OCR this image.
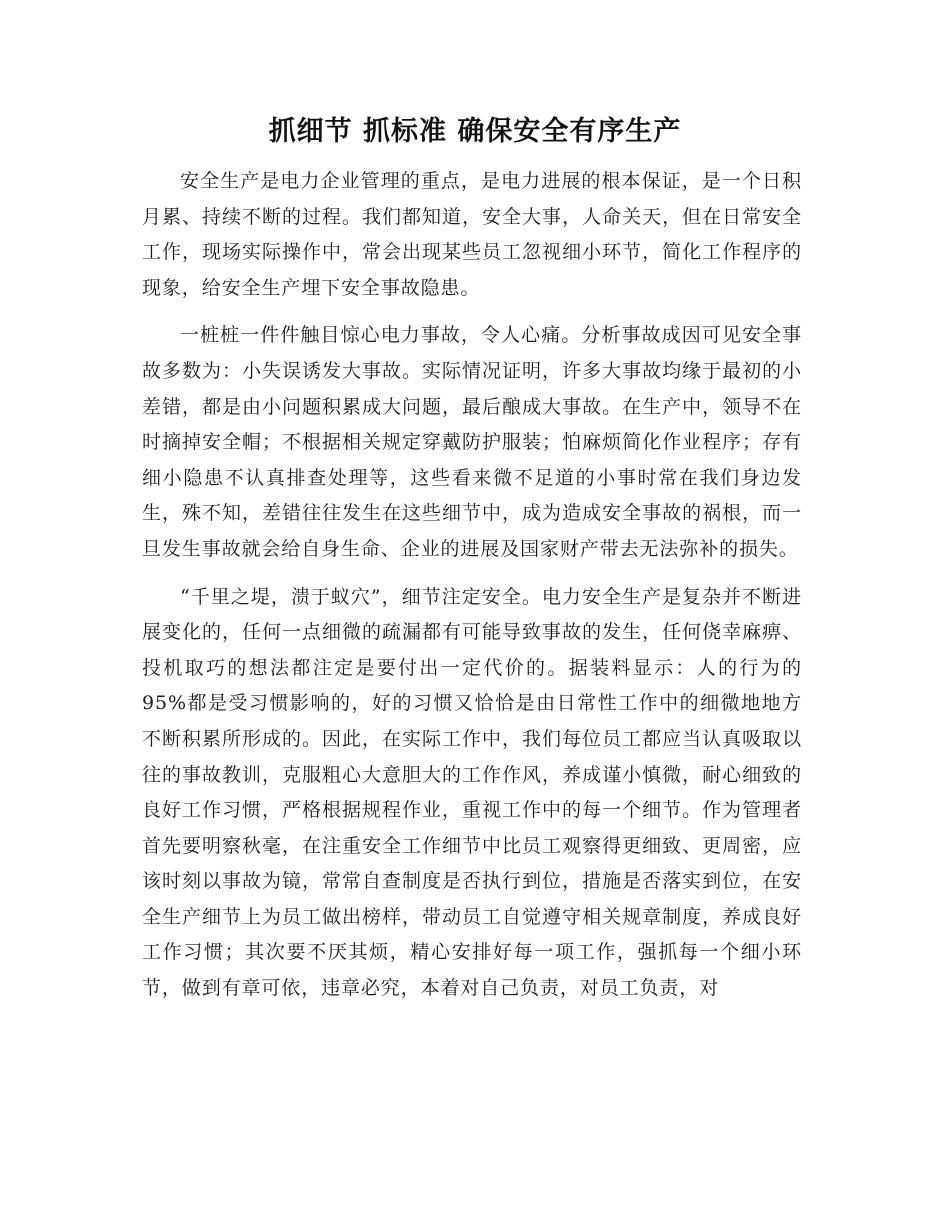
抓细节 抓标准 确保安全有序生产

安全生产是电力企业管理的重点，是电力进展的根本保证，是一个日积月累、持续不断的过程。我们都知道，安全大事，人命关天，但在日常安全工作，现场实际操作中，常会出现某些员工忽视细小环节，简化工作程序的现象，给安全生产埋下安全事故隐患。

一桩桩一件件触目惊心电力事故，令人心痛。分析事故成因可见安全事故多数为：小失误诱发大事故。实际情况证明，许多大事故均缘于最初的小差错，都是由小问题积累成大问题，最后酿成大事故。在生产中，领导不在时摘掉安全帽；不根据相关规定穿戴防护服装；怕麻烦简化作业程序；存有细小隐患不认真排查处理等，这些看来微不足道的小事时常在我们身边发生，殊不知，差错往往发生在这些细节中，成为造成安全事故的祸根，而一旦发生事故就会给自身生命、企业的进展及国家财产带去无法弥补的损失。

“千里之堤，溃于蚁穴”，细节注定安全。电力安全生产是复杂并不断进展变化的，任何一点细微的疏漏都有可能导致事故的发生，任何侥幸麻痹、投机取巧的想法都注定是要付出一定代价的。据装料显示：人的行为的95%都是受习惯影响的，好的习惯又恰恰是由日常性工作中的细微地地方不断积累所形成的。因此，在实际工作中，我们每位员工都应当认真吸取以往的事故教训，克服粗心大意胆大的工作作风，养成谨小慎微，耐心细致的良好工作习惯，严格根据规程作业，重视工作中的每一个细节。作为管理者首先要明察秋毫，在注重安全工作细节中比员工观察得更细致、更周密，应该时刻以事故为镜，常常自查制度是否执行到位，措施是否落实到位，在安全生产细节上为员工做出榜样，带动员工自觉遵守相关规章制度，养成良好工作习惯；其次要不厌其烦，精心安排好每一项工作，强抓每一个细小环节，做到有章可依，违章必究，本着对自己负责，对员工负责，对
